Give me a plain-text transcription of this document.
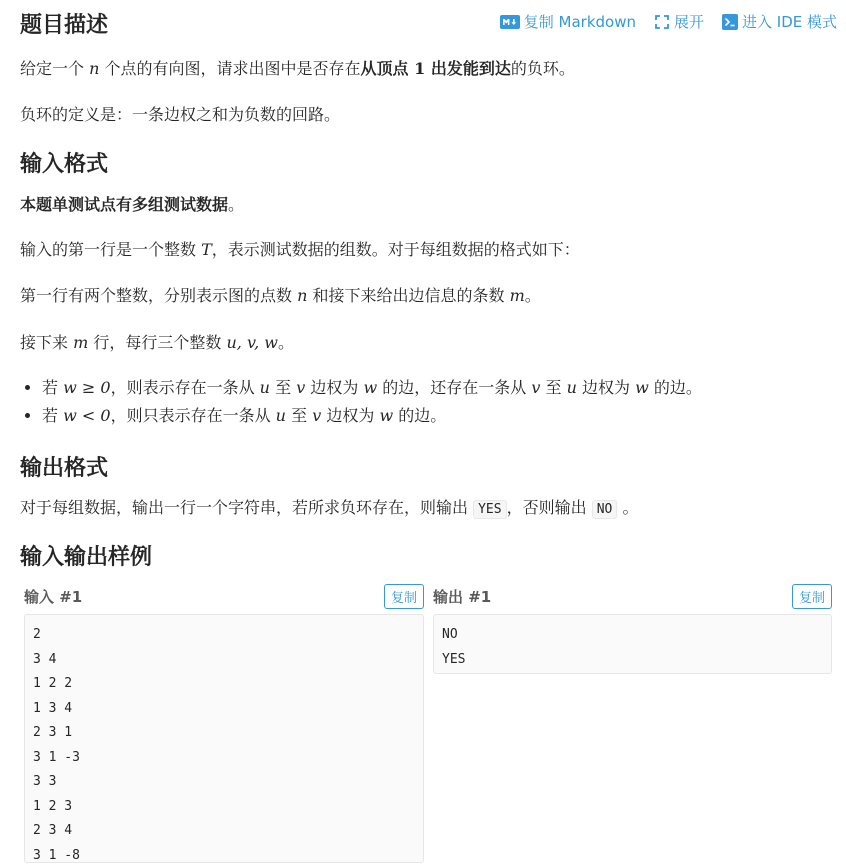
题目描述	复制 Markdown	展开	进入 IDE 模式

给定一个 n 个点的有向图，请求出图中是否存在从顶点 1 出发能到达的负环。

负环的定义是：一条边权之和为负数的回路。

输入格式

本题单测试点有多组测试数据。

输入的第一行是一个整数 T，表示测试数据的组数。对于每组数据的格式如下：

第一行有两个整数，分别表示图的点数 n 和接下来给出边信息的条数 m。

接下来 m 行，每行三个整数 u, v, w。

• 若 w ≥ 0，则表示存在一条从 u 至 v 边权为 w 的边，还存在一条从 v 至 u 边权为 w 的边。
• 若 w < 0，则只表示存在一条从 u 至 v 边权为 w 的边。
输出格式

对于每组数据，输出一行一个字符串，若所求负环存在，则输出 YES ，否则输出 NO 。

输入输出样例
输入 #1	复制	输出 #1	复制
2
3 4
1 2 2
1 3 4
2 3 1
3 1 -3
3 3
1 2 3
2 3 4
3 1 -8
NO
YES
